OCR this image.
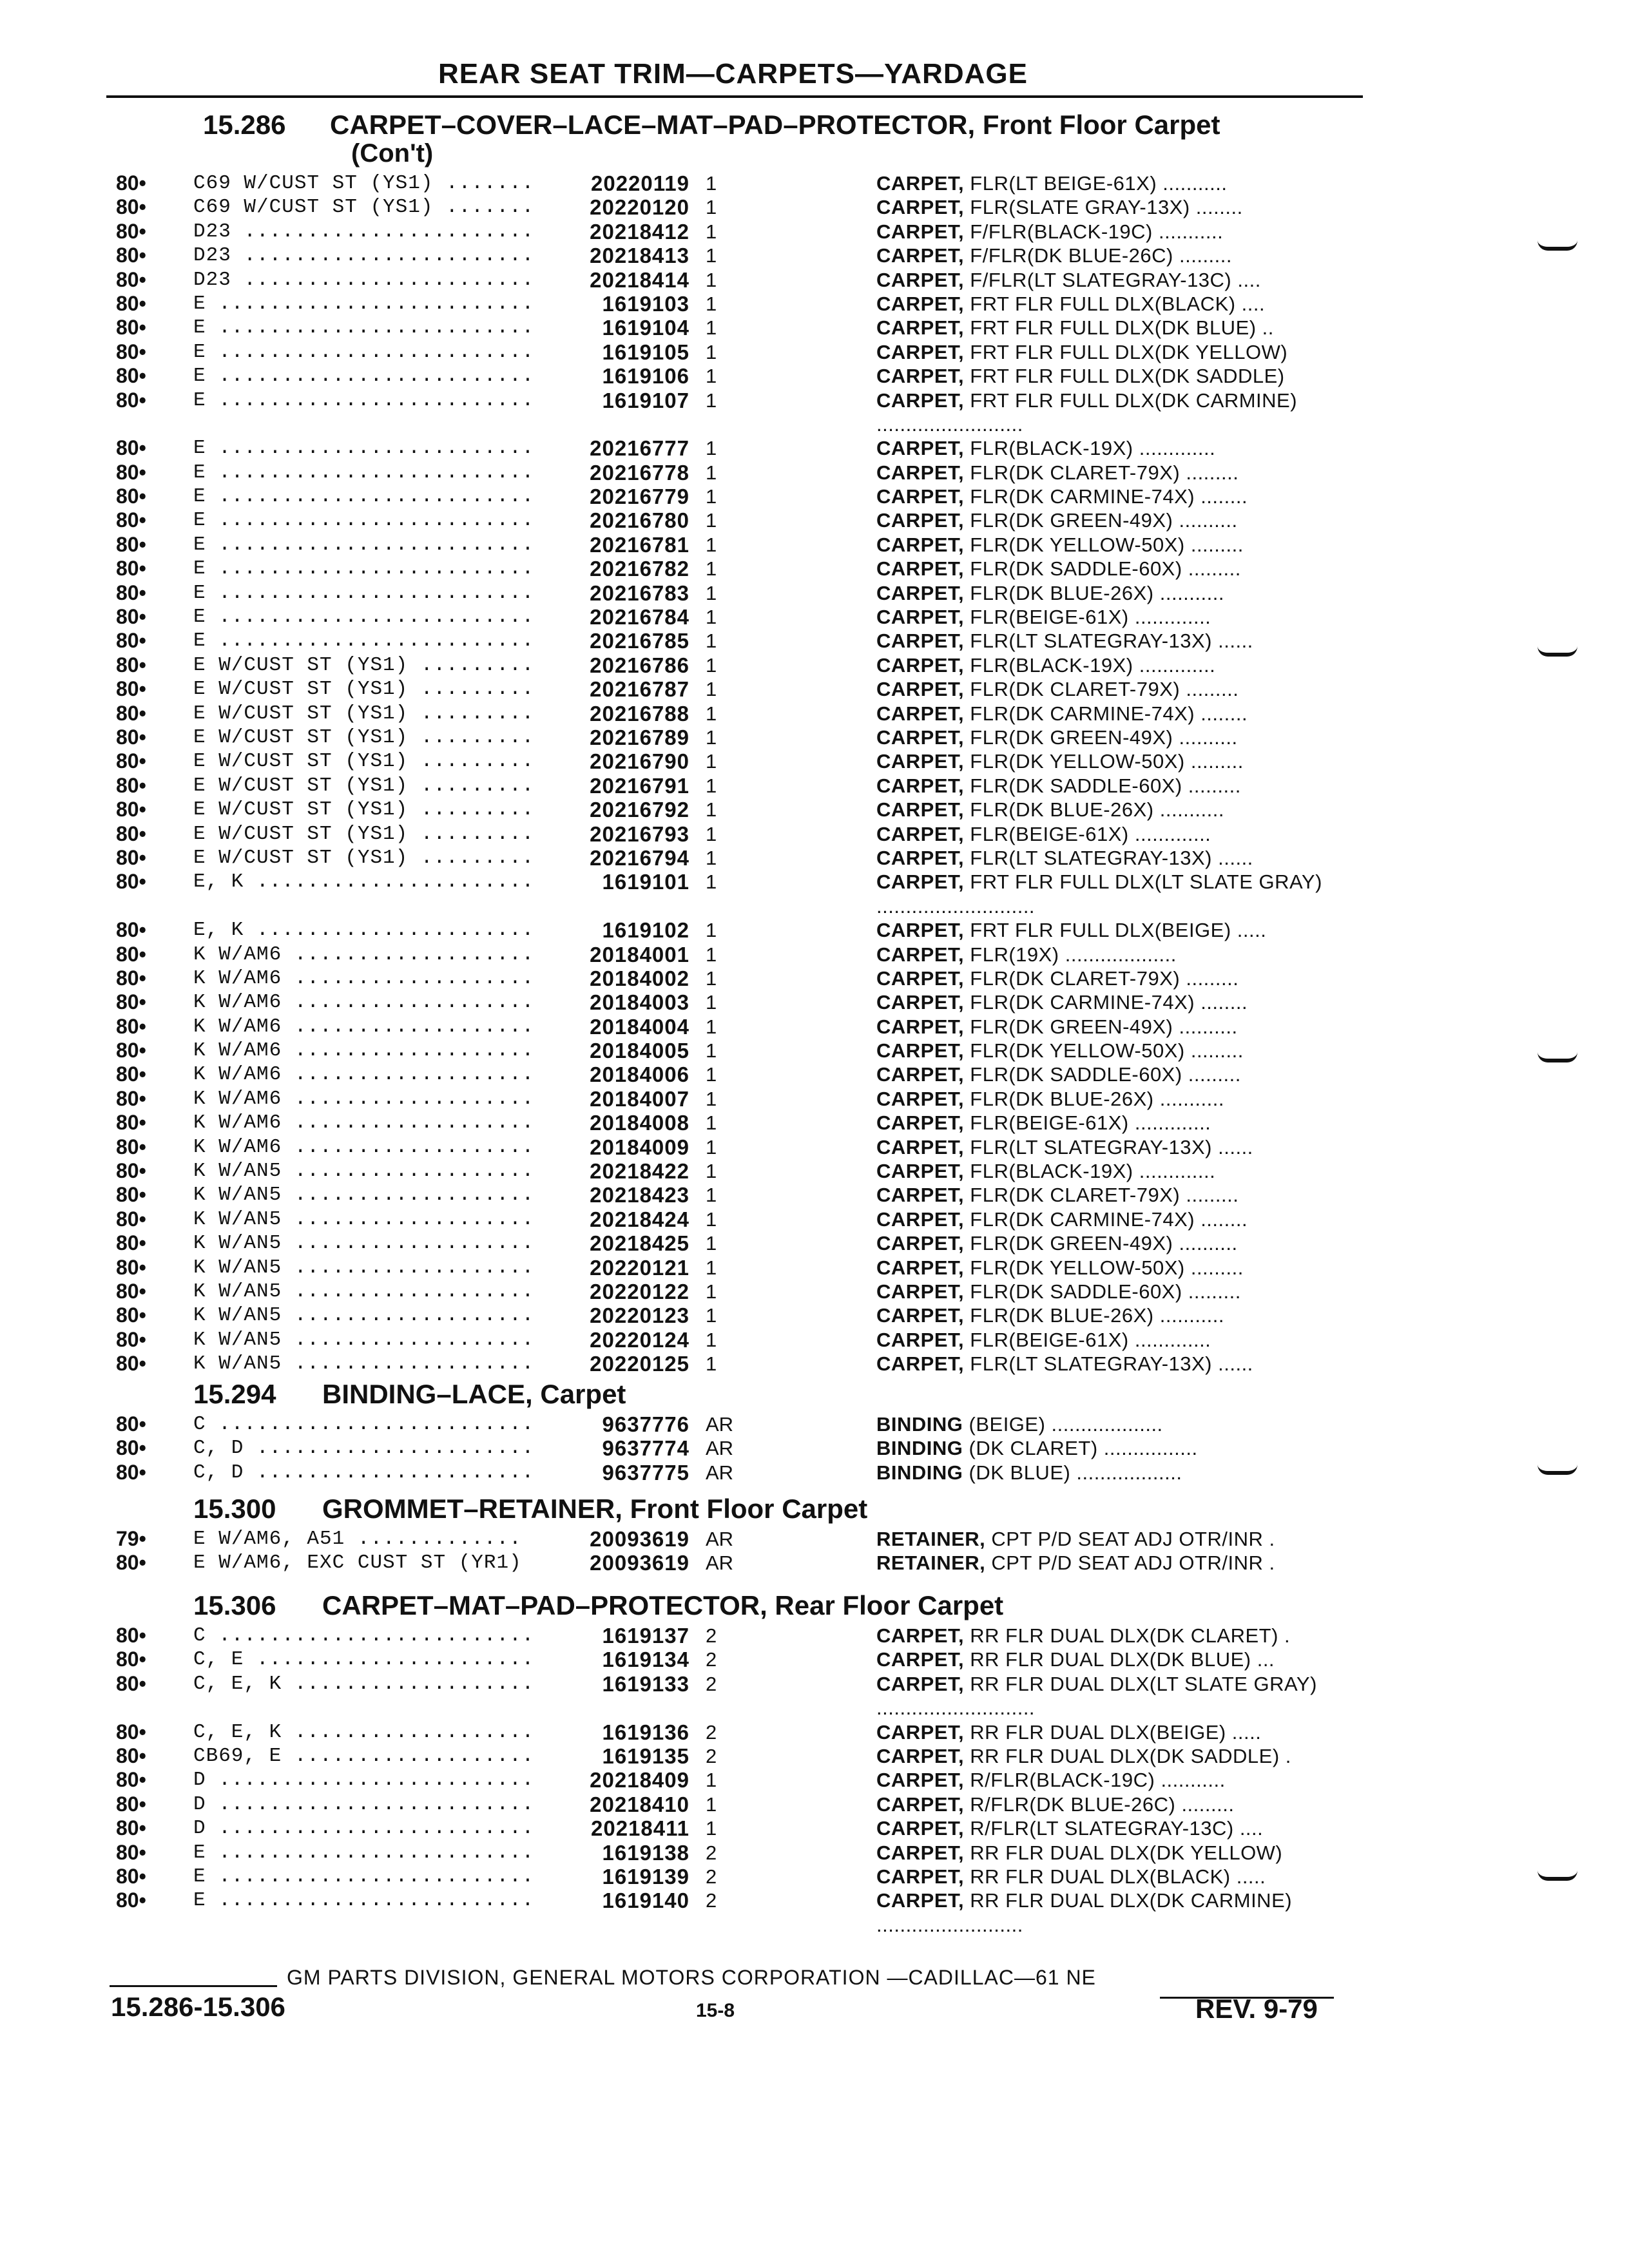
REAR SEAT TRIM—CARPETS—YARDAGE
15.286 CARPET–COVER–LACE–MAT–PAD–PROTECTOR, Front Floor Carpet
(Con't)
80•	C69 W/CUST ST (YS1) .......	20220119 1	CARPET, FLR(LT BEIGE-61X) ...........
80•	C69 W/CUST ST (YS1) .......	20220120 1	CARPET, FLR(SLATE GRAY-13X) ........
80•	D23 .......................	20218412 1	CARPET, F/FLR(BLACK-19C) ...........
80•	D23 .......................	20218413 1	CARPET, F/FLR(DK BLUE-26C) .........
80•	D23 .......................	20218414 1	CARPET, F/FLR(LT SLATEGRAY-13C) ....
80•	E .........................	1619103 1	CARPET, FRT FLR FULL DLX(BLACK) ....
80•	E .........................	1619104 1	CARPET, FRT FLR FULL DLX(DK BLUE) ..
80•	E .........................	1619105 1	CARPET, FRT FLR FULL DLX(DK YELLOW)
80•	E .........................	1619106 1	CARPET, FRT FLR FULL DLX(DK SADDLE)
80•	E .........................	1619107 1	CARPET, FRT FLR FULL DLX(DK CARMINE) .........................
80•	E .........................	20216777 1	CARPET, FLR(BLACK-19X) .............
80•	E .........................	20216778 1	CARPET, FLR(DK CLARET-79X) .........
80•	E .........................	20216779 1	CARPET, FLR(DK CARMINE-74X) ........
80•	E .........................	20216780 1	CARPET, FLR(DK GREEN-49X) ..........
80•	E .........................	20216781 1	CARPET, FLR(DK YELLOW-50X) .........
80•	E .........................	20216782 1	CARPET, FLR(DK SADDLE-60X) .........
80•	E .........................	20216783 1	CARPET, FLR(DK BLUE-26X) ...........
80•	E .........................	20216784 1	CARPET, FLR(BEIGE-61X) .............
80•	E .........................	20216785 1	CARPET, FLR(LT SLATEGRAY-13X) ......
80•	E W/CUST ST (YS1) .........	20216786 1	CARPET, FLR(BLACK-19X) .............
80•	E W/CUST ST (YS1) .........	20216787 1	CARPET, FLR(DK CLARET-79X) .........
80•	E W/CUST ST (YS1) .........	20216788 1	CARPET, FLR(DK CARMINE-74X) ........
80•	E W/CUST ST (YS1) .........	20216789 1	CARPET, FLR(DK GREEN-49X) ..........
80•	E W/CUST ST (YS1) .........	20216790 1	CARPET, FLR(DK YELLOW-50X) .........
80•	E W/CUST ST (YS1) .........	20216791 1	CARPET, FLR(DK SADDLE-60X) .........
80•	E W/CUST ST (YS1) .........	20216792 1	CARPET, FLR(DK BLUE-26X) ...........
80•	E W/CUST ST (YS1) .........	20216793 1	CARPET, FLR(BEIGE-61X) .............
80•	E W/CUST ST (YS1) .........	20216794 1	CARPET, FLR(LT SLATEGRAY-13X) ......
80•	E, K ......................	1619101 1	CARPET, FRT FLR FULL DLX(LT SLATE GRAY) ...........................
80•	E, K ......................	1619102 1	CARPET, FRT FLR FULL DLX(BEIGE) .....
80•	K W/AM6 ...................	20184001 1	CARPET, FLR(19X) ...................
80•	K W/AM6 ...................	20184002 1	CARPET, FLR(DK CLARET-79X) .........
80•	K W/AM6 ...................	20184003 1	CARPET, FLR(DK CARMINE-74X) ........
80•	K W/AM6 ...................	20184004 1	CARPET, FLR(DK GREEN-49X) ..........
80•	K W/AM6 ...................	20184005 1	CARPET, FLR(DK YELLOW-50X) .........
80•	K W/AM6 ...................	20184006 1	CARPET, FLR(DK SADDLE-60X) .........
80•	K W/AM6 ...................	20184007 1	CARPET, FLR(DK BLUE-26X) ...........
80•	K W/AM6 ...................	20184008 1	CARPET, FLR(BEIGE-61X) .............
80•	K W/AM6 ...................	20184009 1	CARPET, FLR(LT SLATEGRAY-13X) ......
80•	K W/AN5 ...................	20218422 1	CARPET, FLR(BLACK-19X) .............
80•	K W/AN5 ...................	20218423 1	CARPET, FLR(DK CLARET-79X) .........
80•	K W/AN5 ...................	20218424 1	CARPET, FLR(DK CARMINE-74X) ........
80•	K W/AN5 ...................	20218425 1	CARPET, FLR(DK GREEN-49X) ..........
80•	K W/AN5 ...................	20220121 1	CARPET, FLR(DK YELLOW-50X) .........
80•	K W/AN5 ...................	20220122 1	CARPET, FLR(DK SADDLE-60X) .........
80•	K W/AN5 ...................	20220123 1	CARPET, FLR(DK BLUE-26X) ...........
80•	K W/AN5 ...................	20220124 1	CARPET, FLR(BEIGE-61X) .............
80•	K W/AN5 ...................	20220125 1	CARPET, FLR(LT SLATEGRAY-13X) ......
15.294 BINDING–LACE, Carpet
80•	C .........................	9637776 AR	BINDING (BEIGE) ...................
80•	C, D ......................	9637774 AR	BINDING (DK CLARET) ................
80•	C, D ......................	9637775 AR	BINDING (DK BLUE) ..................
15.300 GROMMET–RETAINER, Front Floor Carpet
79•	E W/AM6, A51 .............	20093619 AR	RETAINER, CPT P/D SEAT ADJ OTR/INR .
80•	E W/AM6, EXC CUST ST (YR1)	20093619 AR	RETAINER, CPT P/D SEAT ADJ OTR/INR .
15.306 CARPET–MAT–PAD–PROTECTOR, Rear Floor Carpet
80•	C .........................	1619137 2	CARPET, RR FLR DUAL DLX(DK CLARET) .
80•	C, E ......................	1619134 2	CARPET, RR FLR DUAL DLX(DK BLUE) ...
80•	C, E, K ...................	1619133 2	CARPET, RR FLR DUAL DLX(LT SLATE GRAY) ...........................
80•	C, E, K ...................	1619136 2	CARPET, RR FLR DUAL DLX(BEIGE) .....
80•	CB69, E ...................	1619135 2	CARPET, RR FLR DUAL DLX(DK SADDLE) .
80•	D .........................	20218409 1	CARPET, R/FLR(BLACK-19C) ...........
80•	D .........................	20218410 1	CARPET, R/FLR(DK BLUE-26C) .........
80•	D .........................	20218411 1	CARPET, R/FLR(LT SLATEGRAY-13C) ....
80•	E .........................	1619138 2	CARPET, RR FLR DUAL DLX(DK YELLOW)
80•	E .........................	1619139 2	CARPET, RR FLR DUAL DLX(BLACK) .....
80•	E .........................	1619140 2	CARPET, RR FLR DUAL DLX(DK CARMINE) .........................
GM PARTS DIVISION, GENERAL MOTORS CORPORATION —CADILLAC—61 NE
15.286-15.306	15-8	REV. 9-79
